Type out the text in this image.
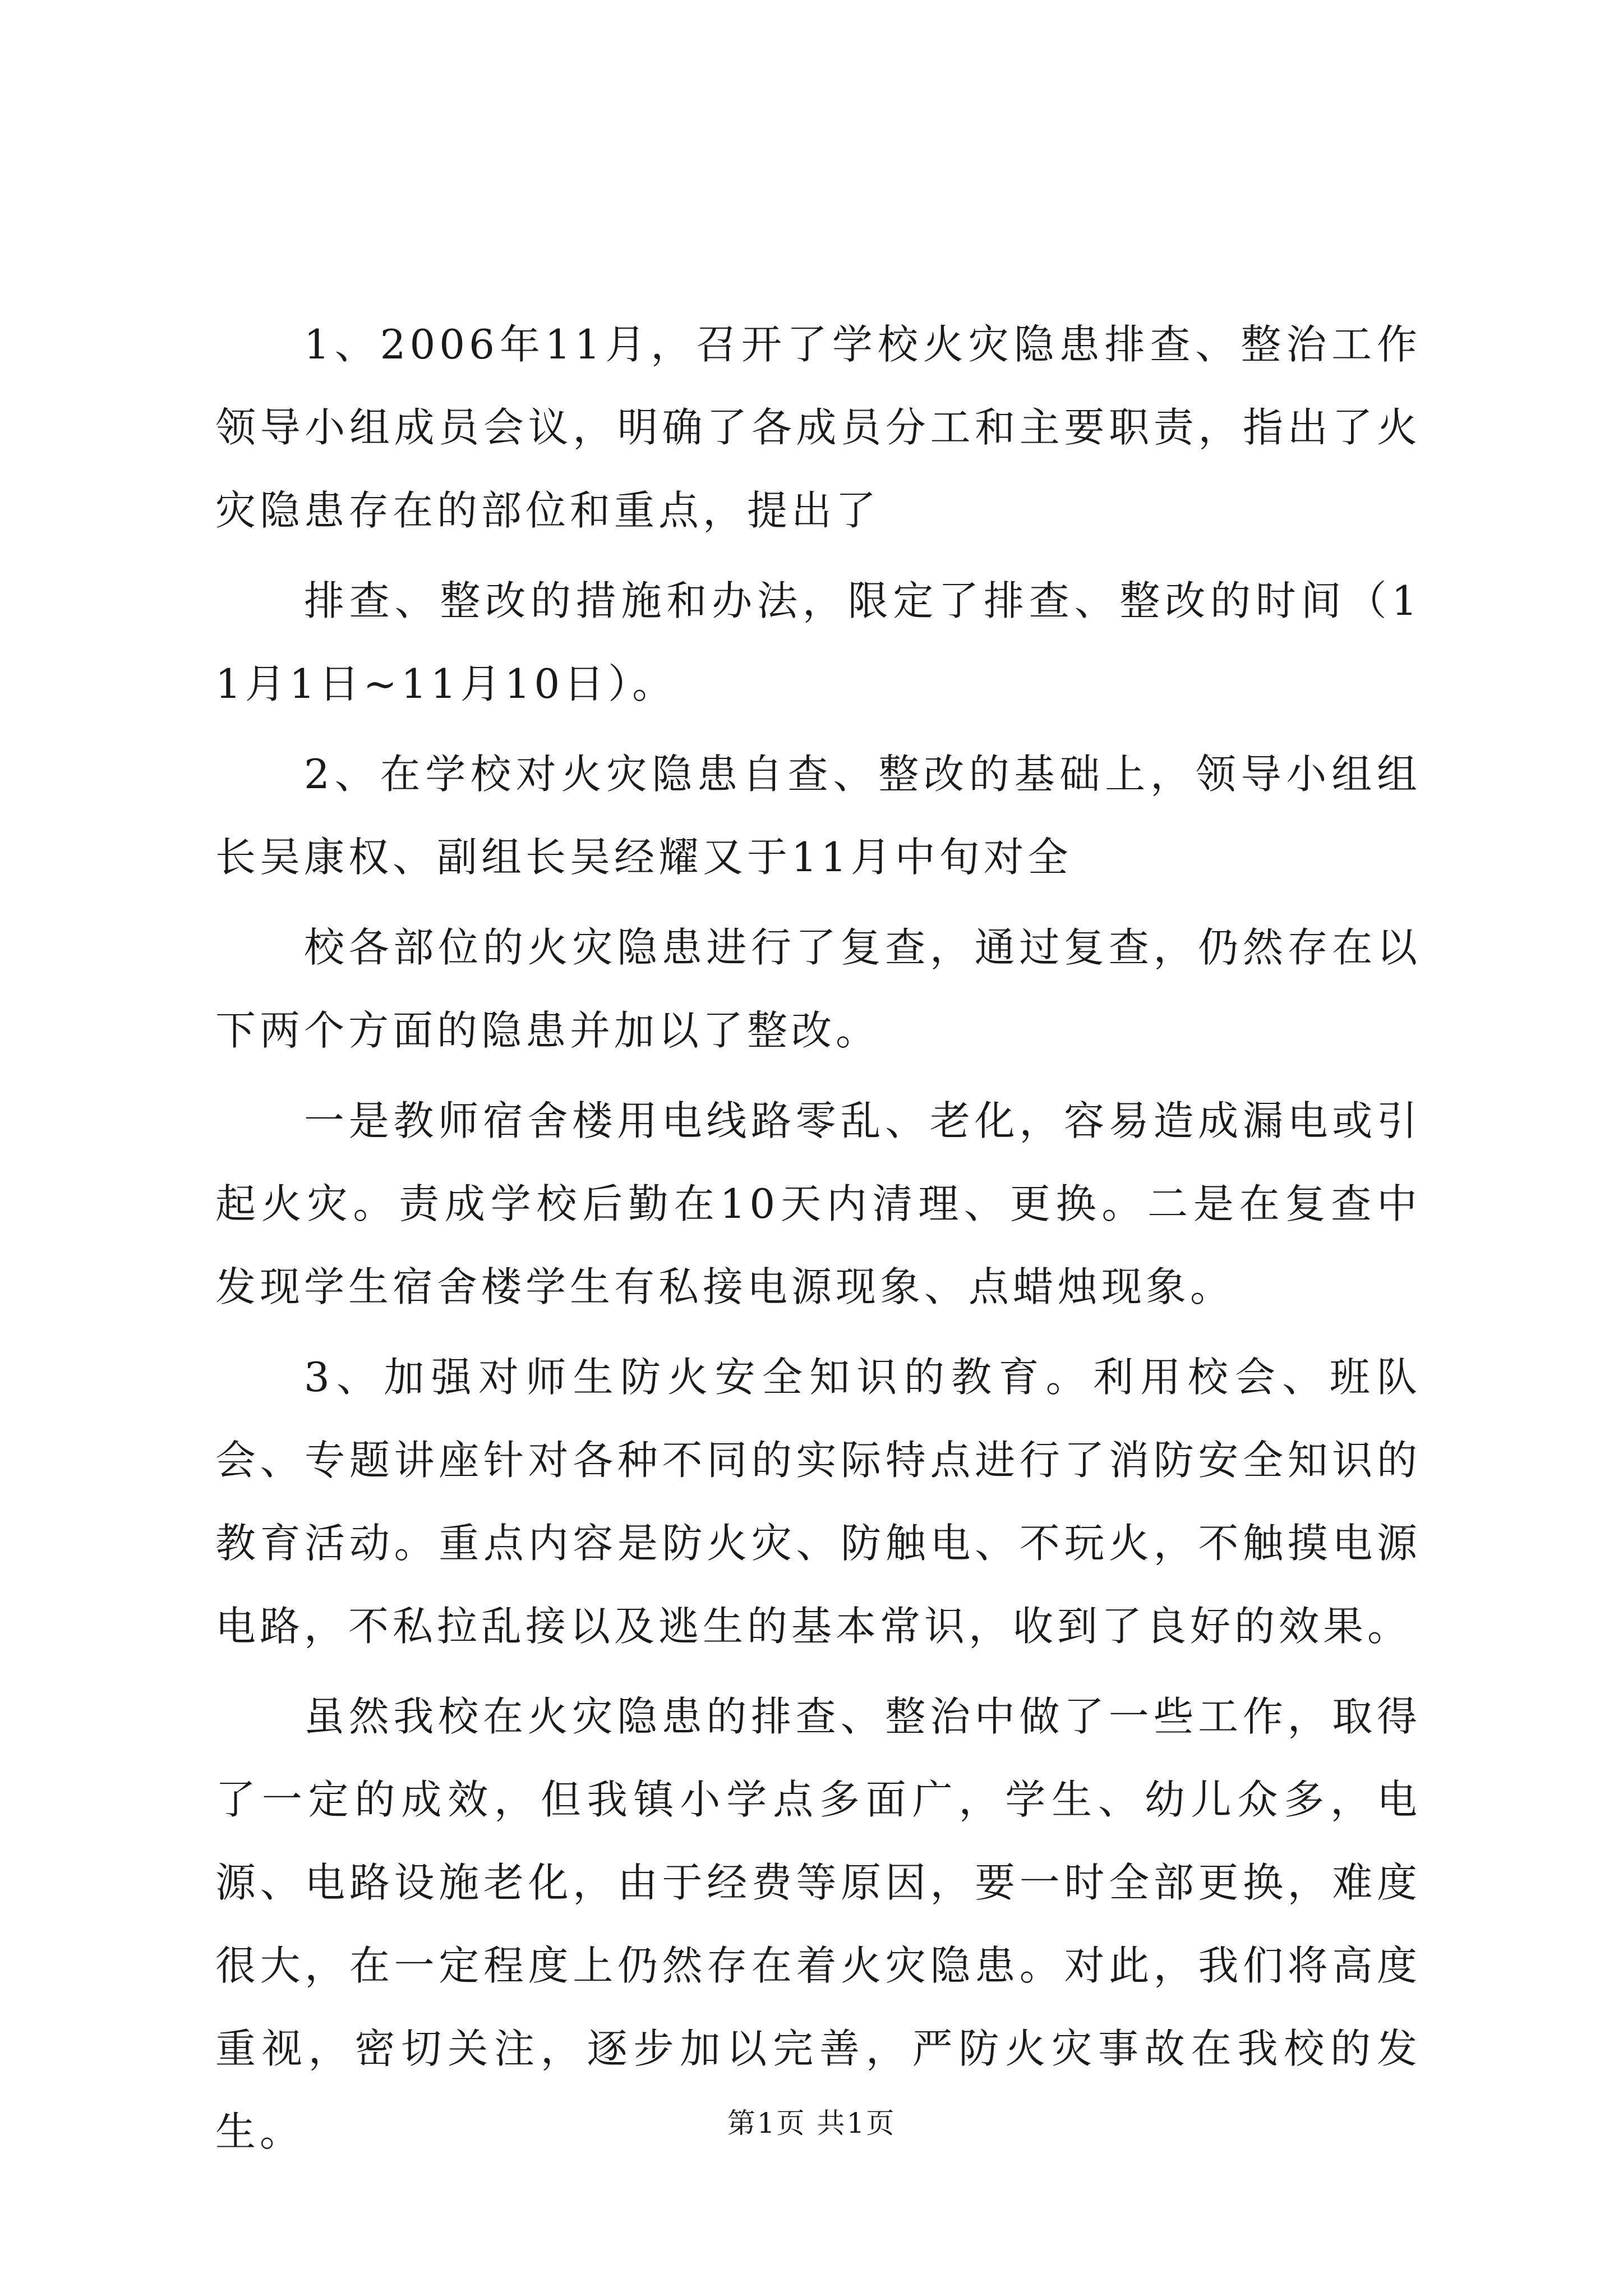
1、2006年11月，召开了学校火灾隐患排查、整治工作领导小组成员会议，明确了各成员分工和主要职责，指出了火灾隐患存在的部位和重点，提出了

排查、整改的措施和办法，限定了排查、整改的时间（11月1日~11月10日）。

2、在学校对火灾隐患自查、整改的基础上，领导小组组长吴康权、副组长吴经耀又于11月中旬对全

校各部位的火灾隐患进行了复查，通过复查，仍然存在以下两个方面的隐患并加以了整改。

一是教师宿舍楼用电线路零乱、老化，容易造成漏电或引起火灾。责成学校后勤在10天内清理、更换。二是在复查中发现学生宿舍楼学生有私接电源现象、点蜡烛现象。

3、加强对师生防火安全知识的教育。利用校会、班队会、专题讲座针对各种不同的实际特点进行了消防安全知识的教育活动。重点内容是防火灾、防触电、不玩火，不触摸电源电路，不私拉乱接以及逃生的基本常识，收到了良好的效果。

虽然我校在火灾隐患的排查、整治中做了一些工作，取得了一定的成效，但我镇小学点多面广，学生、幼儿众多，电源、电路设施老化，由于经费等原因，要一时全部更换，难度很大，在一定程度上仍然存在着火灾隐患。对此，我们将高度重视，密切关注，逐步加以完善，严防火灾事故在我校的发生。	第1页 共1页
